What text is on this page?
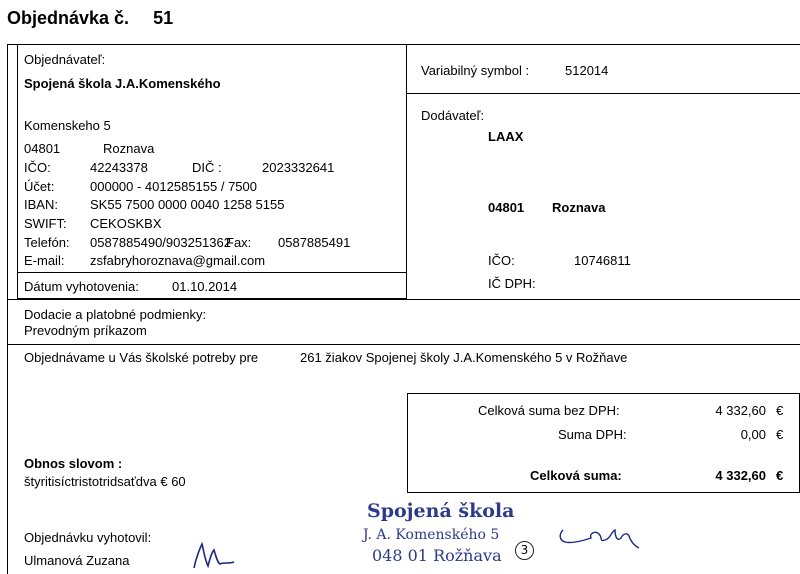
Objednávka č. 51
Objednávateľ:
Spojená škola J.A.Komenského
Komenskeho 5
04801	Roznava
IČO:	42243378	DIČ :	2023332641
Účet:	000000 - 4012585155 / 7500
IBAN: SK55 7500 0000 0040 1258 5155
SWIFT: CEKOSKBX
Telefón: 0587885490/903251362
Fax: 0587885491
E-mail: zsfabryhoroznava@gmail.com
Dátum vyhotovenia:	01.10.2014
Variabilný symbol :	512014
Dodávateľ:
LAAX
04801 Roznava
IČO:	10746811
IČ DPH:
Dodacie a platobné podmienky:
Prevodným príkazom
Objednávame u Vás školské potreby pre	261 žiakov Spojenej školy J.A.Komenského 5 v Rožňave
Celková suma bez DPH:	4 332,60 €
Suma DPH:	0,00 €
Celková suma:	4 332,60 €
Obnos slovom :
štyritisíctristotridsaťdva € 60
Objednávku vyhotovil:
Ulmanová Zuzana
Spojená škola
J. A. Komenského 5
048 01 Rožňava	3
